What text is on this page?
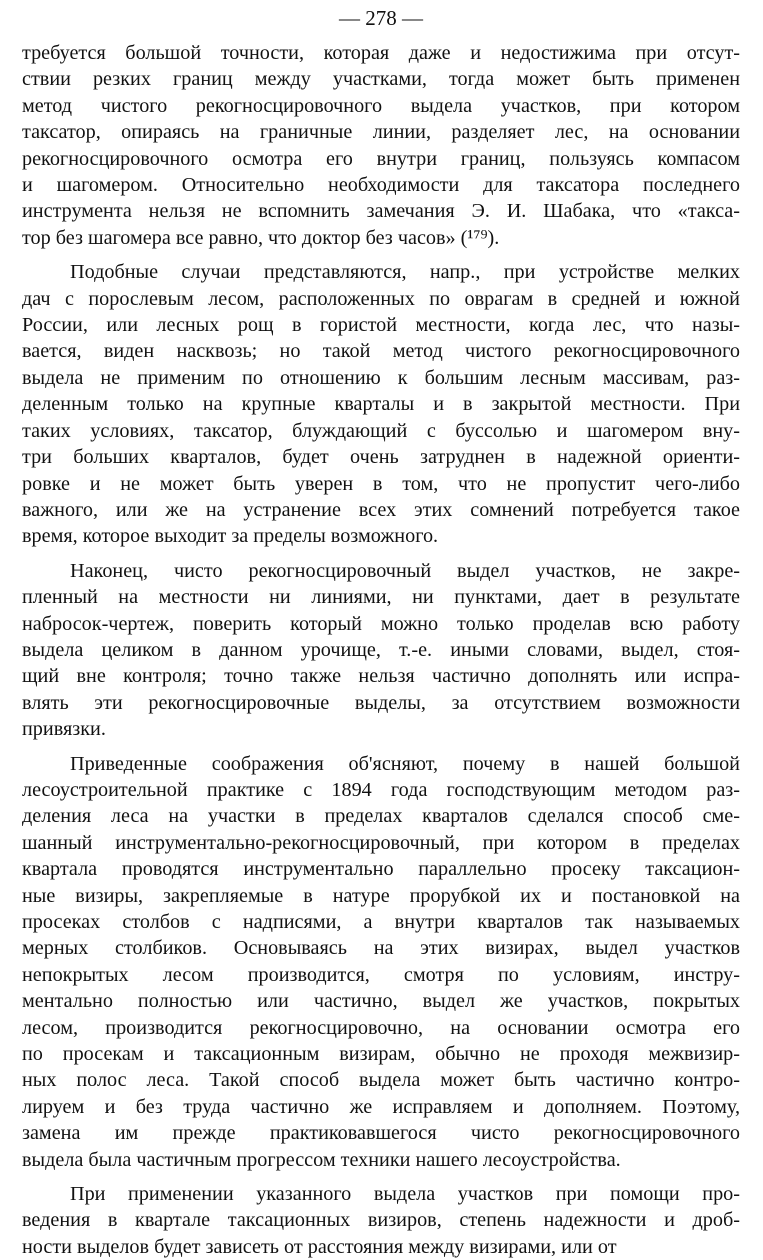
— 278 —
требуется большой точности, которая даже и недостижима при отсут-
ствии резких границ между участками, тогда может быть применен
метод чистого рекогносцировочного выдела участков, при котором
таксатор, опираясь на граничные линии, разделяет лес, на основании
рекогносцировочного осмотра его внутри границ, пользуясь компасом
и шагомером. Относительно необходимости для таксатора последнего
инструмента нельзя не вспомнить замечания Э. И. Шабака, что «такса-
тор без шагомера все равно, что доктор без часов» (¹⁷⁹).
Подобные случаи представляются, напр., при устройстве мелких
дач с порослевым лесом, расположенных по оврагам в средней и южной
России, или лесных рощ в гористой местности, когда лес, что назы-
вается, виден насквозь; но такой метод чистого рекогносцировочного
выдела не применим по отношению к большим лесным массивам, раз-
деленным только на крупные кварталы и в закрытой местности. При
таких условиях, таксатор, блуждающий с буссолью и шагомером вну-
три больших кварталов, будет очень затруднен в надежной ориенти-
ровке и не может быть уверен в том, что не пропустит чего-либо
важного, или же на устранение всех этих сомнений потребуется такое
время, которое выходит за пределы возможного.
Наконец, чисто рекогносцировочный выдел участков, не закре-
пленный на местности ни линиями, ни пунктами, дает в результате
набросок-чертеж, поверить который можно только проделав всю работу
выдела целиком в данном урочище, т.-е. иными словами, выдел, стоя-
щий вне контроля; точно также нельзя частично дополнять или испра-
влять эти рекогносцировочные выделы, за отсутствием возможности
привязки.
Приведенные соображения об'ясняют, почему в нашей большой
лесоустроительной практике с 1894 года господствующим методом раз-
деления леса на участки в пределах кварталов сделался способ сме-
шанный инструментально-рекогносцировочный, при котором в пределах
квартала проводятся инструментально параллельно просеку таксацион-
ные визиры, закрепляемые в натуре прорубкой их и постановкой на
просеках столбов с надписями, а внутри кварталов так называемых
мерных столбиков. Основываясь на этих визирах, выдел участков
непокрытых лесом производится, смотря по условиям, инстру-
ментально полностью или частично, выдел же участков, покрытых
лесом, производится рекогносцировочно, на основании осмотра его
по просекам и таксационным визирам, обычно не проходя межвизир-
ных полос леса. Такой способ выдела может быть частично контро-
лируем и без труда частично же исправляем и дополняем. Поэтому,
замена им прежде практиковавшегося чисто рекогносцировочного
выдела была частичным прогрессом техники нашего лесоустройства.
При применении указанного выдела участков при помощи про-
ведения в квартале таксационных визиров, степень надежности и дроб-
ности выделов будет зависеть от расстояния между визирами, или от
